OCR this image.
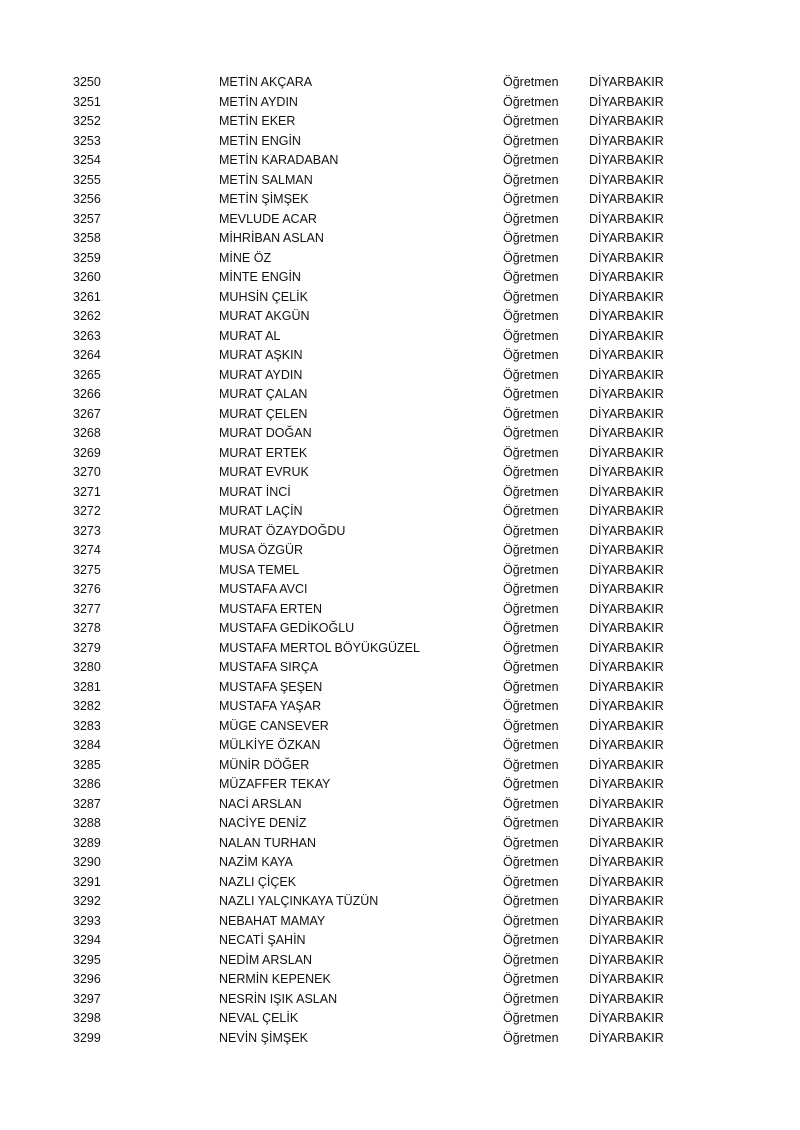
3250	METİN AKÇARA	Öğretmen DİYARBAKIR
3251	METİN AYDIN	Öğretmen DİYARBAKIR
3252	METİN EKER	Öğretmen DİYARBAKIR
3253	METİN ENGİN	Öğretmen DİYARBAKIR
3254	METİN KARADABAN	Öğretmen DİYARBAKIR
3255	METİN SALMAN	Öğretmen DİYARBAKIR
3256	METİN ŞİMŞEK	Öğretmen DİYARBAKIR
3257	MEVLUDE ACAR	Öğretmen DİYARBAKIR
3258	MİHRİBAN ASLAN	Öğretmen DİYARBAKIR
3259	MİNE ÖZ	Öğretmen DİYARBAKIR
3260	MİNTE ENGİN	Öğretmen DİYARBAKIR
3261	MUHSİN ÇELİK	Öğretmen DİYARBAKIR
3262	MURAT AKGÜN	Öğretmen DİYARBAKIR
3263	MURAT AL	Öğretmen DİYARBAKIR
3264	MURAT AŞKIN	Öğretmen DİYARBAKIR
3265	MURAT AYDIN	Öğretmen DİYARBAKIR
3266	MURAT ÇALAN	Öğretmen DİYARBAKIR
3267	MURAT ÇELEN	Öğretmen DİYARBAKIR
3268	MURAT DOĞAN	Öğretmen DİYARBAKIR
3269	MURAT ERTEK	Öğretmen DİYARBAKIR
3270	MURAT EVRUK	Öğretmen DİYARBAKIR
3271	MURAT İNCİ	Öğretmen DİYARBAKIR
3272	MURAT LAÇİN	Öğretmen DİYARBAKIR
3273	MURAT ÖZAYDOĞDU	Öğretmen DİYARBAKIR
3274	MUSA ÖZGÜR	Öğretmen DİYARBAKIR
3275	MUSA TEMEL	Öğretmen DİYARBAKIR
3276	MUSTAFA AVCI	Öğretmen DİYARBAKIR
3277	MUSTAFA ERTEN	Öğretmen DİYARBAKIR
3278	MUSTAFA GEDİKOĞLU	Öğretmen DİYARBAKIR
3279	MUSTAFA MERTOL BÖYÜKGÜZEL	Öğretmen DİYARBAKIR
3280	MUSTAFA SIRÇA	Öğretmen DİYARBAKIR
3281	MUSTAFA ŞEŞEN	Öğretmen DİYARBAKIR
3282	MUSTAFA YAŞAR	Öğretmen DİYARBAKIR
3283	MÜGE CANSEVER	Öğretmen DİYARBAKIR
3284	MÜLKİYE ÖZKAN	Öğretmen DİYARBAKIR
3285	MÜNİR DÖĞER	Öğretmen DİYARBAKIR
3286	MÜZAFFER TEKAY	Öğretmen DİYARBAKIR
3287	NACİ ARSLAN	Öğretmen DİYARBAKIR
3288	NACİYE DENİZ	Öğretmen DİYARBAKIR
3289	NALAN TURHAN	Öğretmen DİYARBAKIR
3290	NAZİM KAYA	Öğretmen DİYARBAKIR
3291	NAZLI ÇİÇEK	Öğretmen DİYARBAKIR
3292	NAZLI YALÇINKAYA TÜZÜN	Öğretmen DİYARBAKIR
3293	NEBAHAT MAMAY	Öğretmen DİYARBAKIR
3294	NECATİ ŞAHİN	Öğretmen DİYARBAKIR
3295	NEDİM ARSLAN	Öğretmen DİYARBAKIR
3296	NERMİN KEPENEK	Öğretmen DİYARBAKIR
3297	NESRİN IŞIK ASLAN	Öğretmen DİYARBAKIR
3298	NEVAL ÇELİK	Öğretmen DİYARBAKIR
3299	NEVİN ŞİMŞEK	Öğretmen DİYARBAKIR
